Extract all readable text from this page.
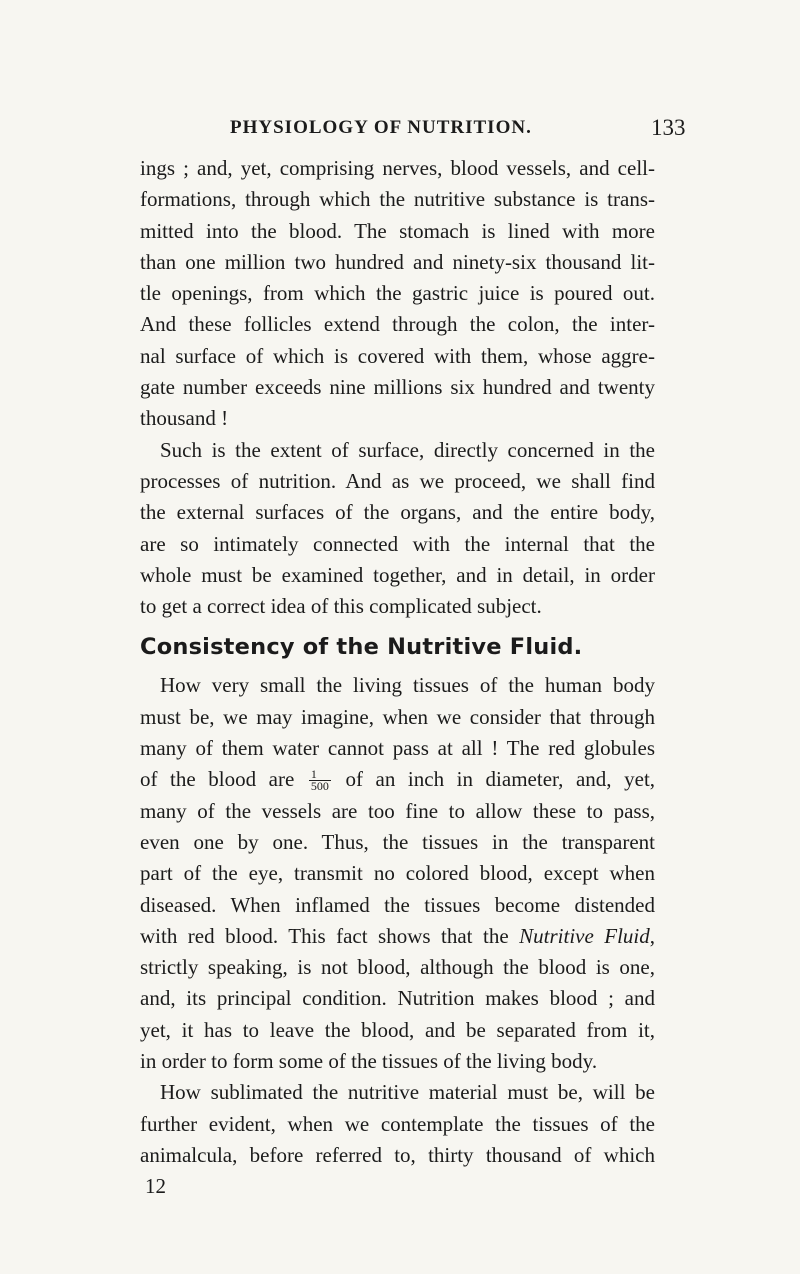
PHYSIOLOGY OF NUTRITION.	133
ings ; and, yet, comprising nerves, blood vessels, and cell-
formations, through which the nutritive substance is trans-
mitted into the blood. The stomach is lined with more
than one million two hundred and ninety-six thousand lit-
tle openings, from which the gastric juice is poured out.
And these follicles extend through the colon, the inter-
nal surface of which is covered with them, whose aggre-
gate number exceeds nine millions six hundred and twenty
thousand !
Such is the extent of surface, directly concerned in the
processes of nutrition. And as we proceed, we shall find
the external surfaces of the organs, and the entire body,
are so intimately connected with the internal that the
whole must be examined together, and in detail, in order
to get a correct idea of this complicated subject.
Consistency of the Nutritive Fluid.
How very small the living tissues of the human body
must be, we may imagine, when we consider that through
many of them water cannot pass at all ! The red globules
of the blood are $\frac{1}{500}$ of an inch in diameter, and, yet,
many of the vessels are too fine to allow these to pass,
even one by one. Thus, the tissues in the transparent
part of the eye, transmit no colored blood, except when
diseased. When inflamed the tissues become distended
with red blood. This fact shows that the Nutritive Fluid,
strictly speaking, is not blood, although the blood is one,
and, its principal condition. Nutrition makes blood ; and
yet, it has to leave the blood, and be separated from it,
in order to form some of the tissues of the living body.
How sublimated the nutritive material must be, will be
further evident, when we contemplate the tissues of the
animalcula, before referred to, thirty thousand of which
12
